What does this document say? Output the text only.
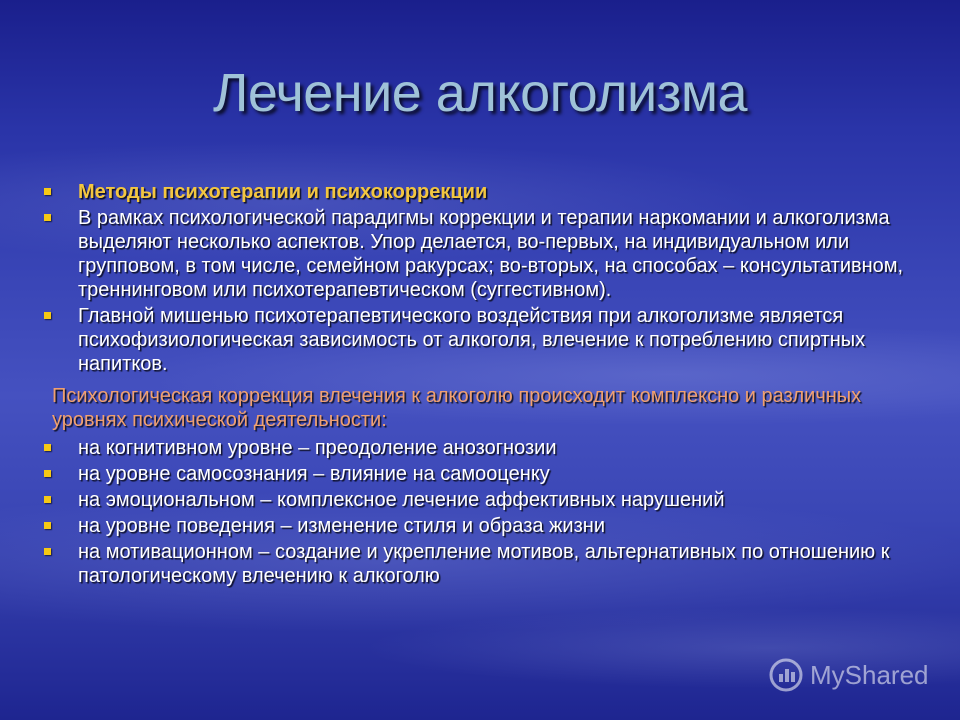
Лечение алкоголизма
Методы психотерапии и психокоррекции
В рамках психологической парадигмы коррекции и терапии наркомании и алкоголизма выделяют несколько аспектов. Упор делается, во-первых, на индивидуальном или групповом, в том числе, семейном ракурсах; во-вторых, на способах – консультативном, треннинговом или психотерапевтическом (суггестивном).
Главной мишенью психотерапевтического воздействия при алкоголизме является психофизиологическая зависимость от алкоголя, влечение к потреблению спиртных напитков.
Психологическая коррекция влечения к алкоголю происходит комплексно и различных уровнях психической деятельности:
на когнитивном уровне – преодоление анозогнозии
на уровне самосознания – влияние на самооценку
на эмоциональном – комплексное лечение аффективных нарушений
на уровне поведения – изменение стиля и образа жизни
на мотивационном – создание и укрепление мотивов, альтернативных по отношению к патологическому влечению к алкоголю
MyShared
